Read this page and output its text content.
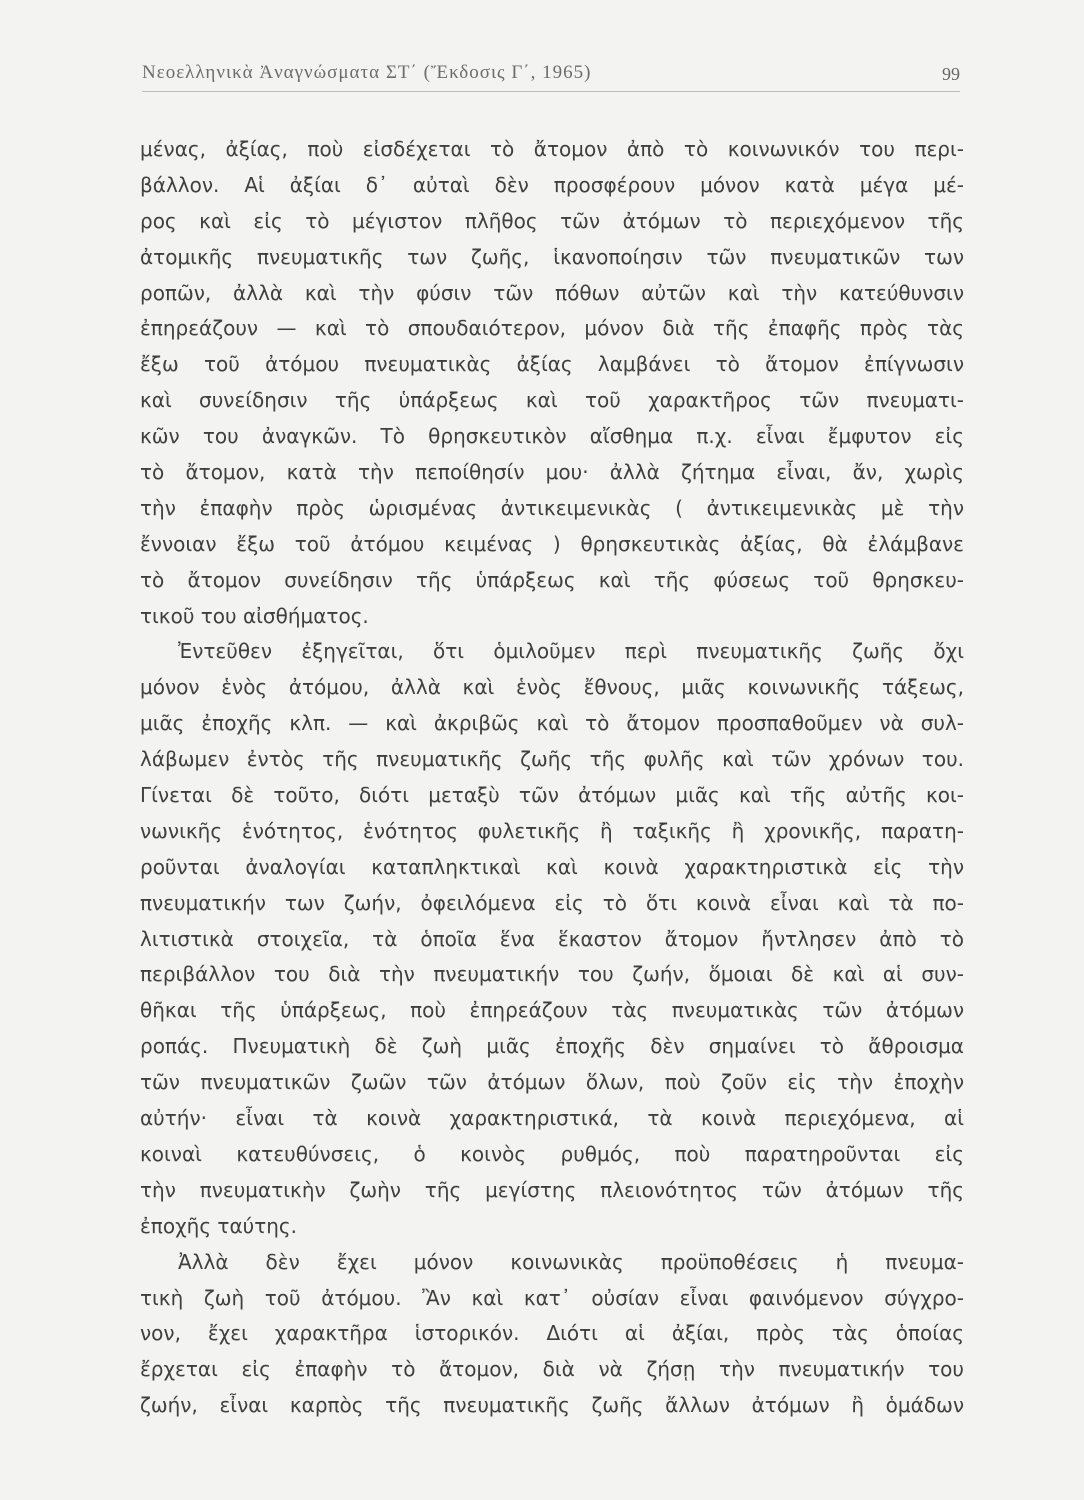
Νεοελληνικὰ Ἀναγνώσματα ΣΤ΄ (Ἔκδοσις Γ΄, 1965)	99
μένας, ἀξίας, ποὺ εἰσδέχεται τὸ ἄτομον ἀπὸ τὸ κοινωνικόν του περι-
βάλλον. Αἱ ἀξίαι δ᾽ αὐταὶ δὲν προσφέρουν μόνον κατὰ μέγα μέ-
ρος καὶ εἰς τὸ μέγιστον πλῆθος τῶν ἀτόμων τὸ περιεχόμενον τῆς
ἀτομικῆς πνευματικῆς των ζωῆς, ἱκανοποίησιν τῶν πνευματικῶν των
ροπῶν, ἀλλὰ καὶ τὴν φύσιν τῶν πόθων αὐτῶν καὶ τὴν κατεύθυνσιν
ἐπηρεάζουν — καὶ τὸ σπουδαιότερον, μόνον διὰ τῆς ἐπαφῆς πρὸς τὰς
ἔξω τοῦ ἀτόμου πνευματικὰς ἀξίας λαμβάνει τὸ ἄτομον ἐπίγνωσιν
καὶ συνείδησιν τῆς ὑπάρξεως καὶ τοῦ χαρακτῆρος τῶν πνευματι-
κῶν του ἀναγκῶν. Τὸ θρησκευτικὸν αἴσθημα π.χ. εἶναι ἔμφυτον εἰς
τὸ ἄτομον, κατὰ τὴν πεποίθησίν μου· ἀλλὰ ζήτημα εἶναι, ἄν, χωρὶς
τὴν ἐπαφὴν πρὸς ὡρισμένας ἀντικειμενικὰς ( ἀντικειμενικὰς μὲ τὴν
ἔννοιαν ἔξω τοῦ ἀτόμου κειμένας ) θρησκευτικὰς ἀξίας, θὰ ἐλάμβανε
τὸ ἄτομον συνείδησιν τῆς ὑπάρξεως καὶ τῆς φύσεως τοῦ θρησκευ-
τικοῦ του αἰσθήματος.
Ἐντεῦθεν ἐξηγεῖται, ὅτι ὁμιλοῦμεν περὶ πνευματικῆς ζωῆς ὄχι
μόνον ἑνὸς ἀτόμου, ἀλλὰ καὶ ἑνὸς ἔθνους, μιᾶς κοινωνικῆς τάξεως,
μιᾶς ἐποχῆς κλπ. — καὶ ἀκριβῶς καὶ τὸ ἄτομον προσπαθοῦμεν νὰ συλ-
λάβωμεν ἐντὸς τῆς πνευματικῆς ζωῆς τῆς φυλῆς καὶ τῶν χρόνων του.
Γίνεται δὲ τοῦτο, διότι μεταξὺ τῶν ἀτόμων μιᾶς καὶ τῆς αὐτῆς κοι-
νωνικῆς ἑνότητος, ἑνότητος φυλετικῆς ἢ ταξικῆς ἢ χρονικῆς, παρατη-
ροῦνται ἀναλογίαι καταπληκτικαὶ καὶ κοινὰ χαρακτηριστικὰ εἰς τὴν
πνευματικήν των ζωήν, ὀφειλόμενα εἰς τὸ ὅτι κοινὰ εἶναι καὶ τὰ πο-
λιτιστικὰ στοιχεῖα, τὰ ὁποῖα ἕνα ἕκαστον ἄτομον ἤντλησεν ἀπὸ τὸ
περιβάλλον του διὰ τὴν πνευματικήν του ζωήν, ὅμοιαι δὲ καὶ αἱ συν-
θῆκαι τῆς ὑπάρξεως, ποὺ ἐπηρεάζουν τὰς πνευματικὰς τῶν ἀτόμων
ροπάς. Πνευματικὴ δὲ ζωὴ μιᾶς ἐποχῆς δὲν σημαίνει τὸ ἄθροισμα
τῶν πνευματικῶν ζωῶν τῶν ἀτόμων ὅλων, ποὺ ζοῦν εἰς τὴν ἐποχὴν
αὐτήν· εἶναι τὰ κοινὰ χαρακτηριστικά, τὰ κοινὰ περιεχόμενα, αἱ
κοιναὶ κατευθύνσεις, ὁ κοινὸς ρυθμός, ποὺ παρατηροῦνται εἰς
τὴν πνευματικὴν ζωὴν τῆς μεγίστης πλειονότητος τῶν ἀτόμων τῆς
ἐποχῆς ταύτης.
Ἀλλὰ δὲν ἔχει μόνον κοινωνικὰς προϋποθέσεις ἡ πνευμα-
τικὴ ζωὴ τοῦ ἀτόμου. Ἂν καὶ κατ᾽ οὐσίαν εἶναι φαινόμενον σύγχρο-
νον, ἔχει χαρακτῆρα ἱστορικόν. Διότι αἱ ἀξίαι, πρὸς τὰς ὁποίας
ἔρχεται εἰς ἐπαφὴν τὸ ἄτομον, διὰ νὰ ζήσῃ τὴν πνευματικήν του
ζωήν, εἶναι καρπὸς τῆς πνευματικῆς ζωῆς ἄλλων ἀτόμων ἢ ὁμάδων
